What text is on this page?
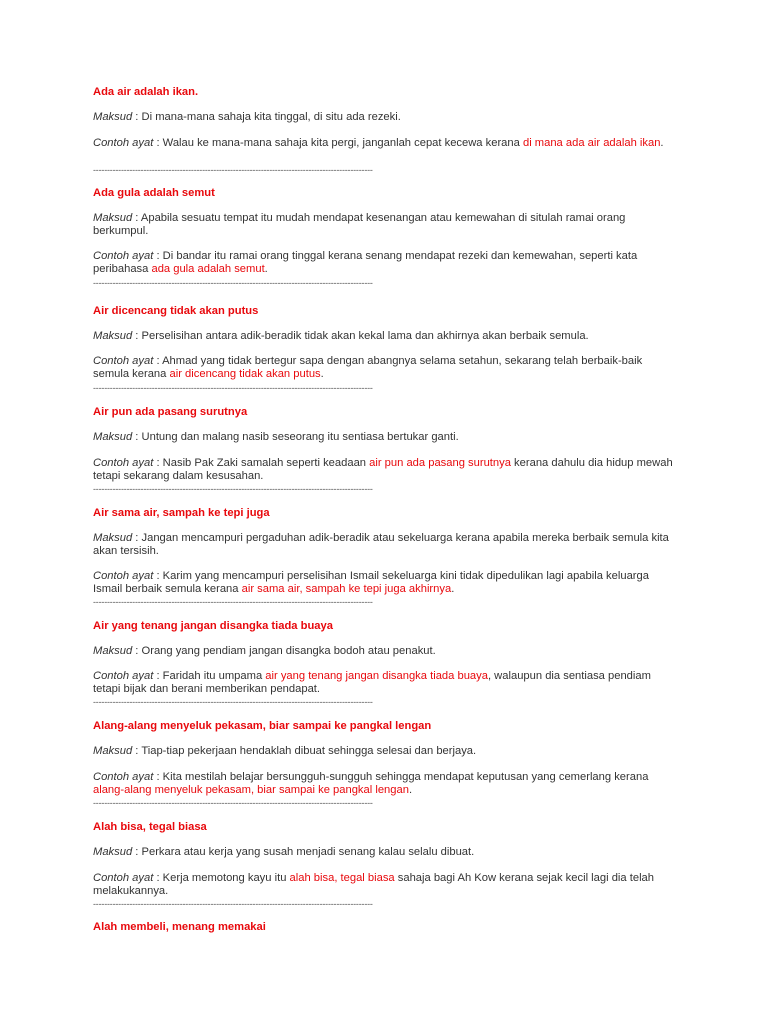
Ada air adalah ikan.
Maksud : Di mana-mana sahaja kita tinggal, di situ ada rezeki.
Contoh ayat : Walau ke mana-mana sahaja kita pergi, janganlah cepat kecewa kerana di mana ada air adalah ikan.
----------------------------------------------------------------------------------------------------
Ada gula adalah semut
Maksud : Apabila sesuatu tempat itu mudah mendapat kesenangan atau kemewahan di situlah ramai orang berkumpul.
Contoh ayat : Di bandar itu ramai orang tinggal kerana senang mendapat rezeki dan kemewahan, seperti kata peribahasa ada gula adalah semut.
----------------------------------------------------------------------------------------------------
Air dicencang tidak akan putus
Maksud : Perselisihan antara adik-beradik tidak akan kekal lama dan akhirnya akan berbaik semula.
Contoh ayat : Ahmad yang tidak bertegur sapa dengan abangnya selama setahun, sekarang telah berbaik-baik semula kerana air dicencang tidak akan putus.
----------------------------------------------------------------------------------------------------
Air pun ada pasang surutnya
Maksud : Untung dan malang nasib seseorang itu sentiasa bertukar ganti.
Contoh ayat : Nasib Pak Zaki samalah seperti keadaan air pun ada pasang surutnya kerana dahulu dia hidup mewah tetapi sekarang dalam kesusahan.
----------------------------------------------------------------------------------------------------
Air sama air, sampah ke tepi juga
Maksud : Jangan mencampuri pergaduhan adik-beradik atau sekeluarga kerana apabila mereka berbaik semula kita akan tersisih.
Contoh ayat : Karim yang mencampuri perselisihan Ismail sekeluarga kini tidak dipedulikan lagi apabila keluarga Ismail berbaik semula kerana air sama air, sampah ke tepi juga akhirnya.
----------------------------------------------------------------------------------------------------
Air yang tenang jangan disangka tiada buaya
Maksud : Orang yang pendiam jangan disangka bodoh atau penakut.
Contoh ayat : Faridah itu umpama air yang tenang jangan disangka tiada buaya, walaupun dia sentiasa pendiam tetapi bijak dan berani memberikan pendapat.
----------------------------------------------------------------------------------------------------
Alang-alang menyeluk pekasam, biar sampai ke pangkal lengan
Maksud : Tiap-tiap pekerjaan hendaklah dibuat sehingga selesai dan berjaya.
Contoh ayat : Kita mestilah belajar bersungguh-sungguh sehingga mendapat keputusan yang cemerlang kerana alang-alang menyeluk pekasam, biar sampai ke pangkal lengan.
----------------------------------------------------------------------------------------------------
Alah bisa, tegal biasa
Maksud : Perkara atau kerja yang susah menjadi senang kalau selalu dibuat.
Contoh ayat : Kerja memotong kayu itu alah bisa, tegal biasa sahaja bagi Ah Kow kerana sejak kecil lagi dia telah melakukannya.
----------------------------------------------------------------------------------------------------
Alah membeli, menang memakai
